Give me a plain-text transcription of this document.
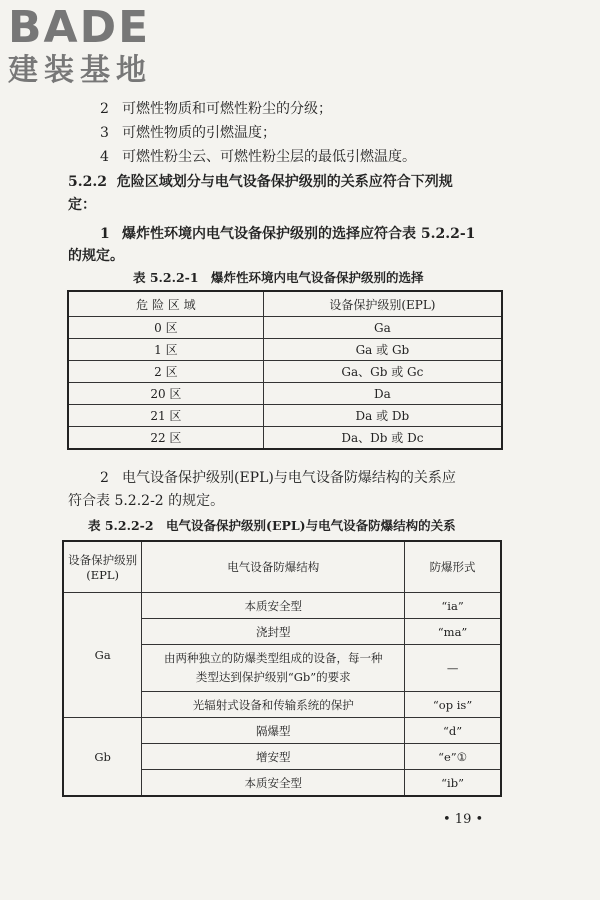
BADE
建装基地
2 可燃性物质和可燃性粉尘的分级；
3 可燃性物质的引燃温度；
4 可燃性粉尘云、可燃性粉尘层的最低引燃温度。
5.2.2 危险区域划分与电气设备保护级别的关系应符合下列规
定：
1 爆炸性环境内电气设备保护级别的选择应符合表 5.2.2-1
的规定。
表 5.2.2-1　爆炸性环境内电气设备保护级别的选择
危 险 区 域	设备保护级别(EPL)
0 区	Ga
1 区	Ga 或 Gb
2 区	Ga、Gb 或 Gc
20 区	Da
21 区	Da 或 Db
22 区	Da、Db 或 Dc
2 电气设备保护级别(EPL)与电气设备防爆结构的关系应
符合表 5.2.2-2 的规定。
表 5.2.2-2　电气设备保护级别(EPL)与电气设备防爆结构的关系
设备保护级别
(EPL)	电气设备防爆结构	防爆形式
Ga	本质安全型	“ia”
	浇封型	“ma”

	由两种独立的防爆类型组成的设备，每一种
类型达到保护级别“Gb”的要求	—
	光辐射式设备和传输系统的保护	“op is”
Gb	隔爆型	“d”
	增安型	“e”①
	本质安全型	“ib”
• 19 •
